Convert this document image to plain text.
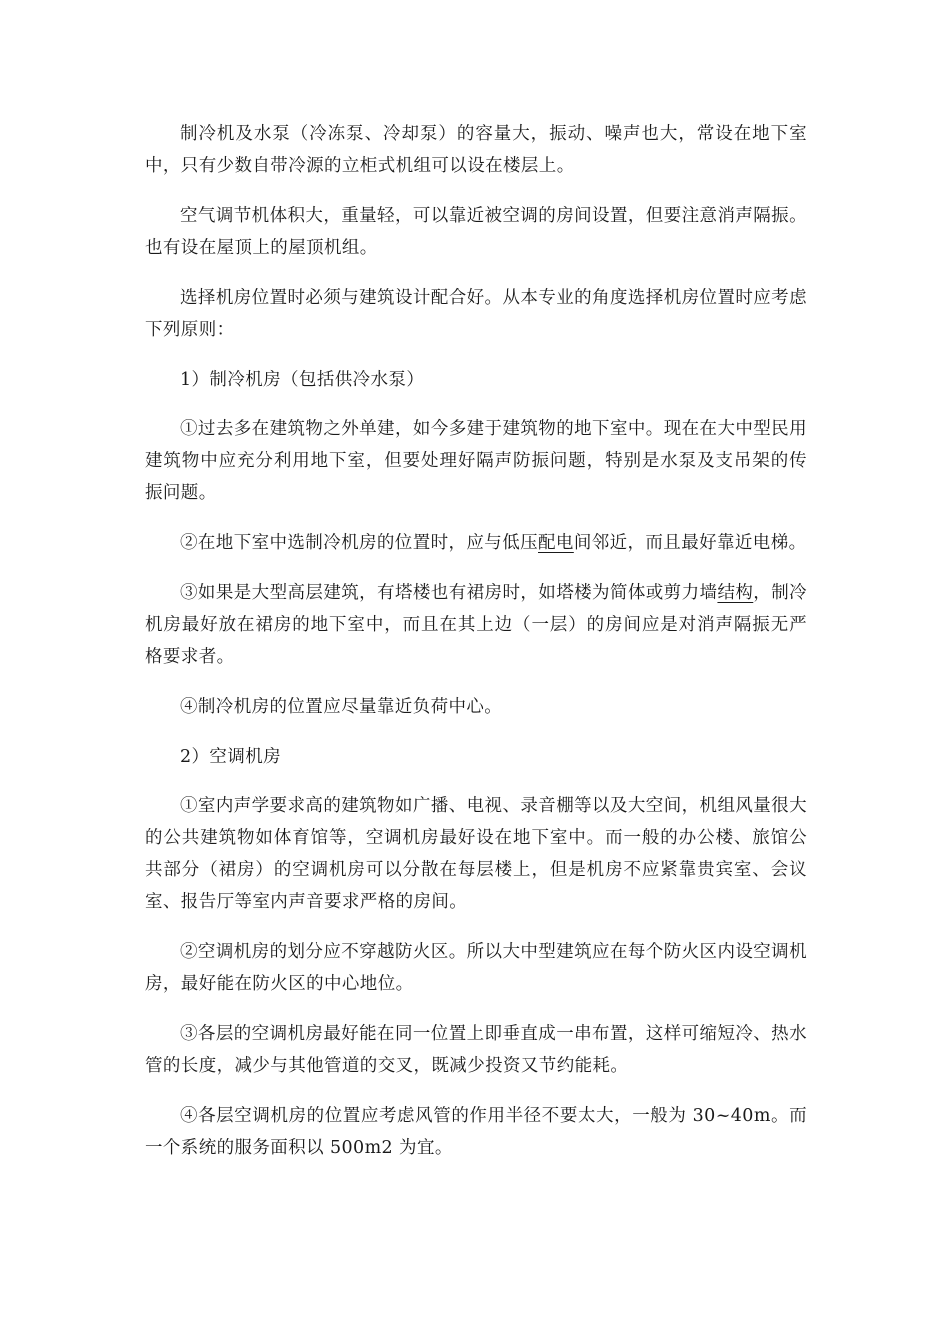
制冷机及水泵（冷冻泵、冷却泵）的容量大，振动、噪声也大，常设在地下室中，只有少数自带冷源的立柜式机组可以设在楼层上。

空气调节机体积大，重量轻，可以靠近被空调的房间设置，但要注意消声隔振。也有设在屋顶上的屋顶机组。

选择机房位置时必须与建筑设计配合好。从本专业的角度选择机房位置时应考虑下列原则：

1）制冷机房（包括供冷水泵）

①过去多在建筑物之外单建，如今多建于建筑物的地下室中。现在在大中型民用建筑物中应充分利用地下室，但要处理好隔声防振问题，特别是水泵及支吊架的传振问题。

②在地下室中选制冷机房的位置时，应与低压配电间邻近，而且最好靠近电梯。

③如果是大型高层建筑，有塔楼也有裙房时，如塔楼为简体或剪力墙结构，制冷机房最好放在裙房的地下室中，而且在其上边（一层）的房间应是对消声隔振无严格要求者。

④制冷机房的位置应尽量靠近负荷中心。

2）空调机房

①室内声学要求高的建筑物如广播、电视、录音棚等以及大空间，机组风量很大的公共建筑物如体育馆等，空调机房最好设在地下室中。而一般的办公楼、旅馆公共部分（裙房）的空调机房可以分散在每层楼上，但是机房不应紧靠贵宾室、会议室、报告厅等室内声音要求严格的房间。

②空调机房的划分应不穿越防火区。所以大中型建筑应在每个防火区内设空调机房，最好能在防火区的中心地位。

③各层的空调机房最好能在同一位置上即垂直成一串布置，这样可缩短冷、热水管的长度，减少与其他管道的交叉，既减少投资又节约能耗。

④各层空调机房的位置应考虑风管的作用半径不要太大，一般为 30~40m。而一个系统的服务面积以 500m2 为宜。
